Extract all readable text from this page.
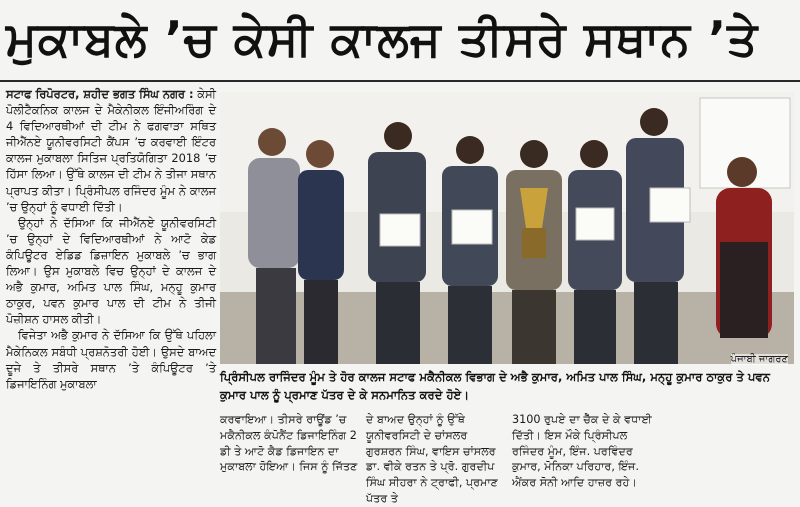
ਮੁਕਾਬਲੇ ’ਚ ਕੇਸੀ ਕਾਲਜ ਤੀਸਰੇ ਸਥਾਨ ’ਤੇ

ਸਟਾਫ ਰਿਪੋਰਟਰ, ਸ਼ਹੀਦ ਭਗਤ ਸਿੰਘ ਨਗਰ : ਕੇਸੀ ਪੋਲੀਟੈਕਨਿਕ ਕਾਲਜ ਦੇ ਮੈਕੇਨੀਕਲ ਇੰਜੀਅਰਿੰਗ ਦੇ 4 ਵਿਦਿਆਰਥੀਆਂ ਦੀ ਟੀਮ ਨੇ ਫਗਵਾੜਾ ਸਥਿਤ ਜੀਐੱਨਏ ਯੂਨੀਵਰਸਿਟੀ ਕੈਂਪਸ ’ਚ ਕਰਵਾਈ ਇੰਟਰ ਕਾਲਜ ਮੁਕਾਬਲਾ ਸਿਤਿਜ ਪ੍ਰਤਿਯੋਗਿਤਾ 2018 ’ਚ ਹਿੱਸਾ ਲਿਆ। ਉੱਥੇ ਕਾਲਜ ਦੀ ਟੀਮ ਨੇ ਤੀਜਾ ਸਥਾਨ ਪ੍ਰਾਪਤ ਕੀਤਾ। ਪ੍ਰਿੰਸੀਪਲ ਰਜਿੰਦਰ ਮੂੰਮ ਨੇ ਕਾਲਜ ’ਚ ਉਨ੍ਹਾਂ ਨੂੰ ਵਧਾਈ ਦਿੱਤੀ।

ਉਨ੍ਹਾਂ ਨੇ ਦੱਸਿਆ ਕਿ ਜੀਐੱਨਏ ਯੂਨੀਵਰਸਿਟੀ ’ਚ ਉਨ੍ਹਾਂ ਦੇ ਵਿਦਿਆਰਥੀਆਂ ਨੇ ਆਟੋ ਕੇਡ ਕੰਪਿਊਟਰ ਏਡਿਡ ਡਿਜ਼ਾਇਨ ਮੁਕਾਬਲੇ ’ਚ ਭਾਗ ਲਿਆ। ਉਸ ਮੁਕਾਬਲੇ ਵਿਚ ਉਨ੍ਹਾਂ ਦੇ ਕਾਲਜ ਦੇ ਅਭੈ ਕੁਮਾਰ, ਅਮਿਤ ਪਾਲ ਸਿੰਘ, ਮਨ੍ਹੂ ਕੁਮਾਰ ਠਾਕੁਰ, ਪਵਨ ਕੁਮਾਰ ਪਾਲ ਦੀ ਟੀਮ ਨੇ ਤੀਜੀ ਪੋਜ਼ੀਸ਼ਨ ਹਾਸਲ ਕੀਤੀ।

ਵਿਜੇਤਾ ਅਭੈ ਕੁਮਾਰ ਨੇ ਦੱਸਿਆ ਕਿ ਉੱਥੇ ਪਹਿਲਾ ਮੈਕੇਨਿਕਲ ਸਬੰਧੀ ਪ੍ਰਸ਼ਨੋਤਰੀ ਹੋਈ। ਉਸਦੇ ਬਾਅਦ ਦੂਜੇ ਤੇ ਤੀਸਰੇ ਸਥਾਨ ’ਤੇ ਕੰਪਿਊਟਰ ’ਤੇ ਡਿਜਾਇਨਿੰਗ ਮੁਕਾਬਲਾ

ਪੰਜਾਬੀ ਜਾਗਰਣ
ਪ੍ਰਿੰਸੀਪਲ ਰਾਜਿੰਦਰ ਮੂੰਮ ਤੇ ਹੋਰ ਕਾਲਜ ਸਟਾਫ ਮਕੈਨੀਕਲ ਵਿਭਾਗ ਦੇ ਅਭੈ ਕੁਮਾਰ, ਅਮਿਤ ਪਾਲ ਸਿੰਘ, ਮਨ੍ਹੂ ਕੁਮਾਰ ਠਾਕੁਰ ਤੇ ਪਵਨ ਕੁਮਾਰ ਪਾਲ ਨੂੰ ਪ੍ਰਮਾਣ ਪੱਤਰ ਦੇ ਕੇ ਸਨਮਾਨਿਤ ਕਰਦੇ ਹੋਏ।
ਕਰਵਾਇਆ। ਤੀਸਰੇ ਰਾਊਂਡ ’ਚ ਮਕੈਨੀਕਲ ਕੰਪੋਨੈਂਟ ਡਿਜਾਇਨਿੰਗ 2 ਡੀ ਤੇ ਆਟੋ ਕੈਡ ਡਿਜਾਇਨ ਦਾ ਮੁਕਾਬਲਾ ਹੋਇਆ। ਜਿਸ ਨੂੰ ਜਿੱਤਣ
ਦੇ ਬਾਅਦ ਉਨ੍ਹਾਂ ਨੂੰ ਉੱਥੇ ਯੂਨੀਵਰਸਿਟੀ ਦੇ ਚਾਂਸਲਰ ਗੁਰਸ਼ਰਨ ਸਿੰਘ, ਵਾਇਸ ਚਾਂਸਲਰ ਡਾ. ਵੀਕੇ ਰਤਨ ਤੇ ਪ੍ਰੋ. ਗੁਰਦੀਪ ਸਿੰਘ ਸੀਹਰਾ ਨੇ ਟ੍ਰਾਫੀ, ਪ੍ਰਮਾਣ ਪੱਤਰ ਤੇ
3100 ਰੁਪਏ ਦਾ ਚੈੱਕ ਦੇ ਕੇ ਵਧਾਈ ਦਿੱਤੀ। ਇਸ ਮੌਕੇ ਪ੍ਰਿੰਸੀਪਲ ਰਜਿੰਦਰ ਮੂੰਮ, ਇੰਜ. ਪਰਵਿੰਦਰ ਕੁਮਾਰ, ਮੋਨਿਕਾ ਪਰਿਹਾਰ, ਇੰਜ. ਐਂਕਰ ਸੋਨੀ ਆਦਿ ਹਾਜ਼ਰ ਰਹੇ।
